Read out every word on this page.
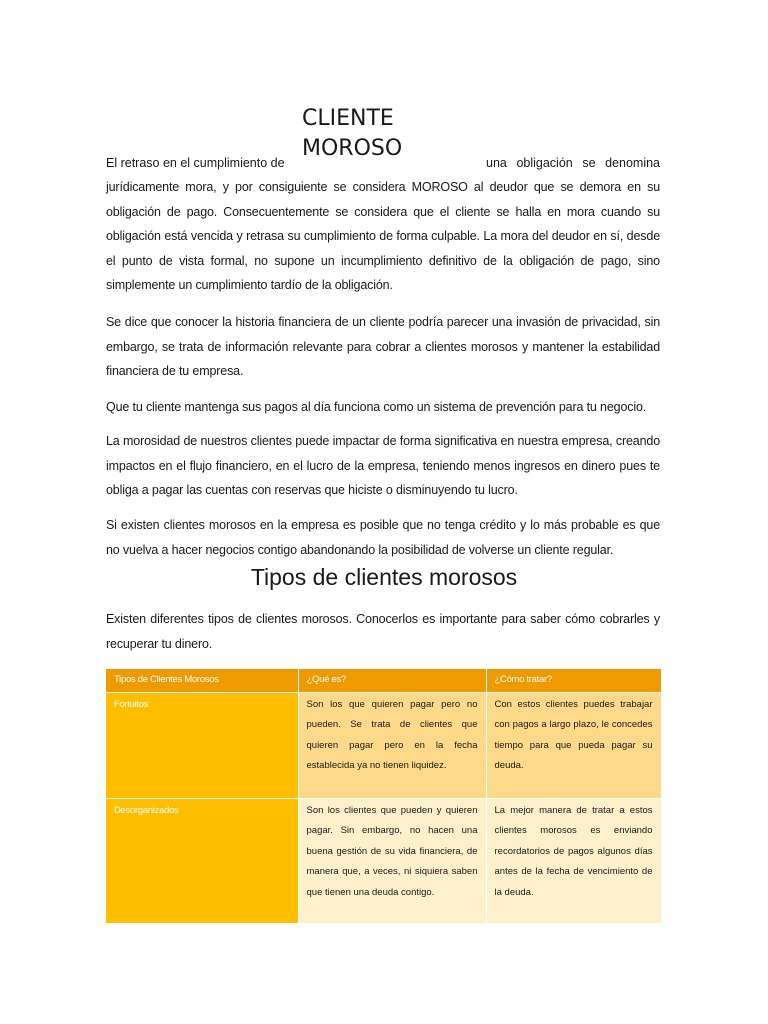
El retraso en el cumplimiento de	una obligación se denomina
CLIENTE
MOROSO

jurídicamente mora, y por consiguiente se considera MOROSO al deudor que se demora en su obligación de pago. Consecuentemente se considera que el cliente se halla en mora cuando su obligación está vencida y retrasa su cumplimiento de forma culpable. La mora del deudor en sí, desde el punto de vista formal, no supone un incumplimiento definitivo de la obligación de pago, sino simplemente un cumplimiento tardío de la obligación.

Se dice que conocer la historia financiera de un cliente podría parecer una invasión de privacidad, sin embargo, se trata de información relevante para cobrar a clientes morosos y mantener la estabilidad financiera de tu empresa.

Que tu cliente mantenga sus pagos al día funciona como un sistema de prevención para tu negocio.

La morosidad de nuestros clientes puede impactar de forma significativa en nuestra empresa, creando impactos en el flujo financiero, en el lucro de la empresa, teniendo menos ingresos en dinero pues te obliga a pagar las cuentas con reservas que hiciste o disminuyendo tu lucro.

Si existen clientes morosos en la empresa es posible que no tenga crédito y lo más probable es que no vuelva a hacer negocios contigo abandonando la posibilidad de volverse un cliente regular.

Tipos de clientes morosos

Existen diferentes tipos de clientes morosos. Conocerlos es importante para saber cómo cobrarles y recuperar tu dinero.

Tipos de Clientes Morosos	¿Qué es?	¿Cómo tratar?
Fortuitos	Son los que quieren pagar pero no pueden. Se trata de clientes que quieren pagar pero en la fecha establecida ya no tienen liquidez.	Con estos clientes puedes trabajar con pagos a largo plazo, le concedes tiempo para que pueda pagar su deuda.
Desorganizados	Son los clientes que pueden y quieren pagar. Sin embargo, no hacen una buena gestión de su vida financiera, de manera que, a veces, ni siquiera saben que tienen una deuda contigo.	La mejor manera de tratar a estos clientes morosos es enviando recordatorios de pagos algunos días antes de la fecha de vencimiento de la deuda.
